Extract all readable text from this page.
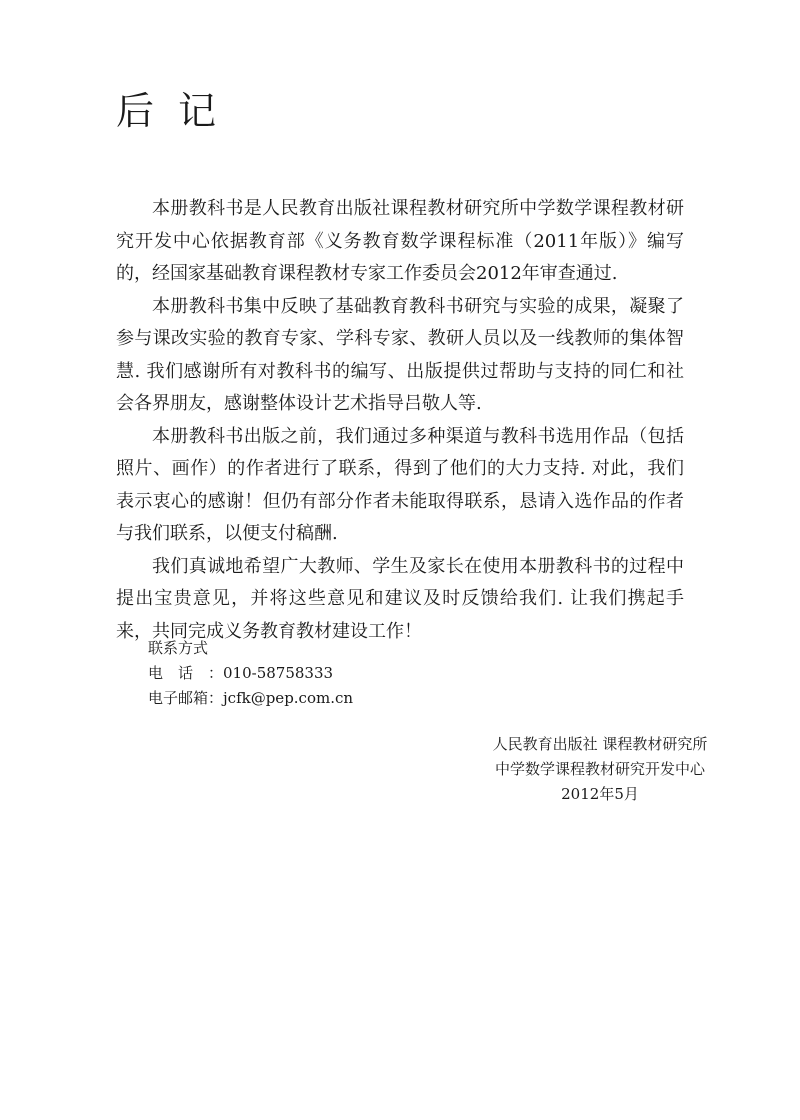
后记

本册教科书是人民教育出版社课程教材研究所中学数学课程教材研究开发中心依据教育部《义务教育数学课程标准（2011年版）》编写的，经国家基础教育课程教材专家工作委员会2012年审查通过.

本册教科书集中反映了基础教育教科书研究与实验的成果，凝聚了参与课改实验的教育专家、学科专家、教研人员以及一线教师的集体智慧. 我们感谢所有对教科书的编写、出版提供过帮助与支持的同仁和社会各界朋友，感谢整体设计艺术指导吕敬人等.

本册教科书出版之前，我们通过多种渠道与教科书选用作品（包括照片、画作）的作者进行了联系，得到了他们的大力支持. 对此，我们表示衷心的感谢！但仍有部分作者未能取得联系，恳请入选作品的作者与我们联系，以便支付稿酬.

我们真诚地希望广大教师、学生及家长在使用本册教科书的过程中提出宝贵意见，并将这些意见和建议及时反馈给我们. 让我们携起手来，共同完成义务教育教材建设工作！

联系方式
电话：010-58758333
电子邮箱：jcfk@pep.com.cn
人民教育出版社 课程教材研究所
中学数学课程教材研究开发中心
2012年5月
